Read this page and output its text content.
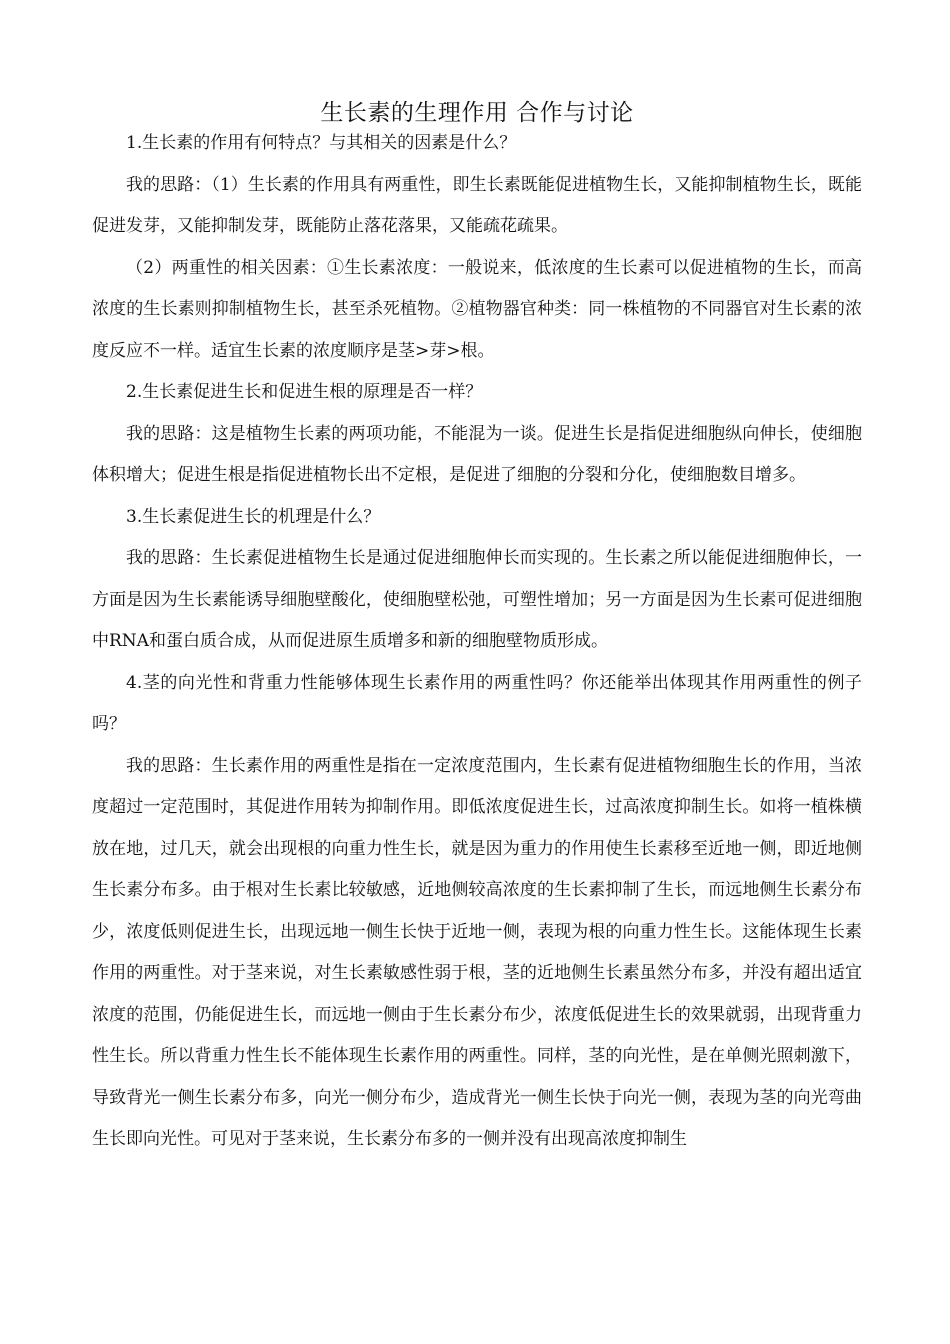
生长素的生理作用 合作与讨论

1.生长素的作用有何特点？与其相关的因素是什么？

我的思路：（1）生长素的作用具有两重性，即生长素既能促进植物生长，又能抑制植物生长，既能促进发芽，又能抑制发芽，既能防止落花落果，又能疏花疏果。

（2）两重性的相关因素：①生长素浓度：一般说来，低浓度的生长素可以促进植物的生长，而高浓度的生长素则抑制植物生长，甚至杀死植物。②植物器官种类：同一株植物的不同器官对生长素的浓度反应不一样。适宜生长素的浓度顺序是茎>芽>根。

2.生长素促进生长和促进生根的原理是否一样？

我的思路：这是植物生长素的两项功能，不能混为一谈。促进生长是指促进细胞纵向伸长，使细胞体积增大；促进生根是指促进植物长出不定根，是促进了细胞的分裂和分化，使细胞数目增多。

3.生长素促进生长的机理是什么？

我的思路：生长素促进植物生长是通过促进细胞伸长而实现的。生长素之所以能促进细胞伸长，一方面是因为生长素能诱导细胞壁酸化，使细胞壁松弛，可塑性增加；另一方面是因为生长素可促进细胞中RNA和蛋白质合成，从而促进原生质增多和新的细胞壁物质形成。

4.茎的向光性和背重力性能够体现生长素作用的两重性吗？你还能举出体现其作用两重性的例子吗？

我的思路：生长素作用的两重性是指在一定浓度范围内，生长素有促进植物细胞生长的作用，当浓度超过一定范围时，其促进作用转为抑制作用。即低浓度促进生长，过高浓度抑制生长。如将一植株横放在地，过几天，就会出现根的向重力性生长，就是因为重力的作用使生长素移至近地一侧，即近地侧生长素分布多。由于根对生长素比较敏感，近地侧较高浓度的生长素抑制了生长，而远地侧生长素分布少，浓度低则促进生长，出现远地一侧生长快于近地一侧，表现为根的向重力性生长。这能体现生长素作用的两重性。对于茎来说，对生长素敏感性弱于根，茎的近地侧生长素虽然分布多，并没有超出适宜浓度的范围，仍能促进生长，而远地一侧由于生长素分布少，浓度低促进生长的效果就弱，出现背重力性生长。所以背重力性生长不能体现生长素作用的两重性。同样，茎的向光性，是在单侧光照刺激下，导致背光一侧生长素分布多，向光一侧分布少，造成背光一侧生长快于向光一侧，表现为茎的向光弯曲生长即向光性。可见对于茎来说，生长素分布多的一侧并没有出现高浓度抑制生
